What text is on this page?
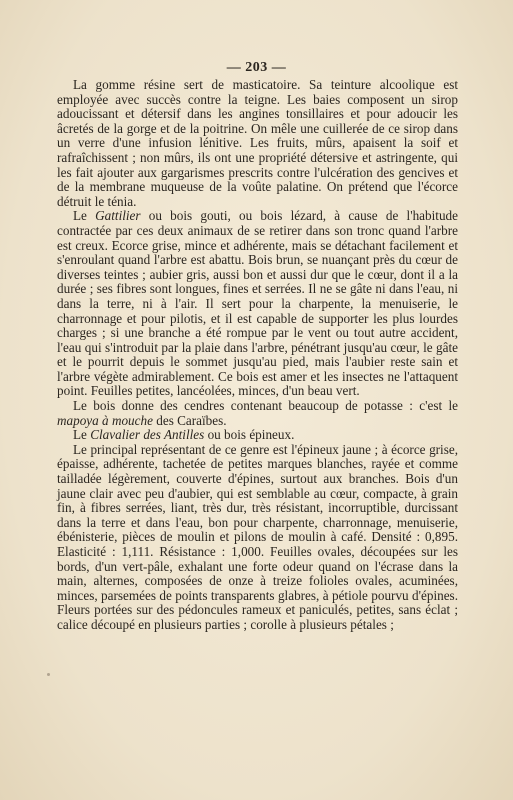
— 203 —

La gomme résine sert de masticatoire. Sa teinture alcoolique est employée avec succès contre la teigne. Les baies composent un sirop adoucissant et détersif dans les angines tonsillaires et pour adoucir les âcretés de la gorge et de la poitrine. On mêle une cuillerée de ce sirop dans un verre d'une infusion lénitive. Les fruits, mûrs, apaisent la soif et rafraîchissent ; non mûrs, ils ont une propriété détersive et astringente, qui les fait ajouter aux gargarismes prescrits contre l'ulcération des gencives et de la membrane muqueuse de la voûte palatine. On prétend que l'écorce détruit le ténia.

Le Gattilier ou bois gouti, ou bois lézard, à cause de l'habitude contractée par ces deux animaux de se retirer dans son tronc quand l'arbre est creux. Ecorce grise, mince et adhérente, mais se détachant facilement et s'enroulant quand l'arbre est abattu. Bois brun, se nuançant près du cœur de diverses teintes ; aubier gris, aussi bon et aussi dur que le cœur, dont il a la durée ; ses fibres sont longues, fines et serrées. Il ne se gâte ni dans l'eau, ni dans la terre, ni à l'air. Il sert pour la charpente, la menuiserie, le charronnage et pour pilotis, et il est capable de supporter les plus lourdes charges ; si une branche a été rompue par le vent ou tout autre accident, l'eau qui s'introduit par la plaie dans l'arbre, pénétrant jusqu'au cœur, le gâte et le pourrit depuis le sommet jusqu'au pied, mais l'aubier reste sain et l'arbre végète admirablement. Ce bois est amer et les insectes ne l'attaquent point. Feuilles petites, lancéolées, minces, d'un beau vert.

Le bois donne des cendres contenant beaucoup de potasse : c'est le mapoya à mouche des Caraïbes.

Le Clavalier des Antilles ou bois épineux.

Le principal représentant de ce genre est l'épineux jaune ; à écorce grise, épaisse, adhérente, tachetée de petites marques blanches, rayée et comme tailladée légèrement, couverte d'épines, surtout aux branches. Bois d'un jaune clair avec peu d'aubier, qui est semblable au cœur, compacte, à grain fin, à fibres serrées, liant, très dur, très résistant, incorruptible, durcissant dans la terre et dans l'eau, bon pour charpente, charronnage, menuiserie, ébénisterie, pièces de moulin et pilons de moulin à café. Densité : 0,895. Elasticité : 1,111. Résistance : 1,000. Feuilles ovales, découpées sur les bords, d'un vert-pâle, exhalant une forte odeur quand on l'écrase dans la main, alternes, composées de onze à treize folioles ovales, acuminées, minces, parsemées de points transparents glabres, à pétiole pourvu d'épines. Fleurs portées sur des pédoncules rameux et paniculés, petites, sans éclat ; calice découpé en plusieurs parties ; corolle à plusieurs pétales ;
